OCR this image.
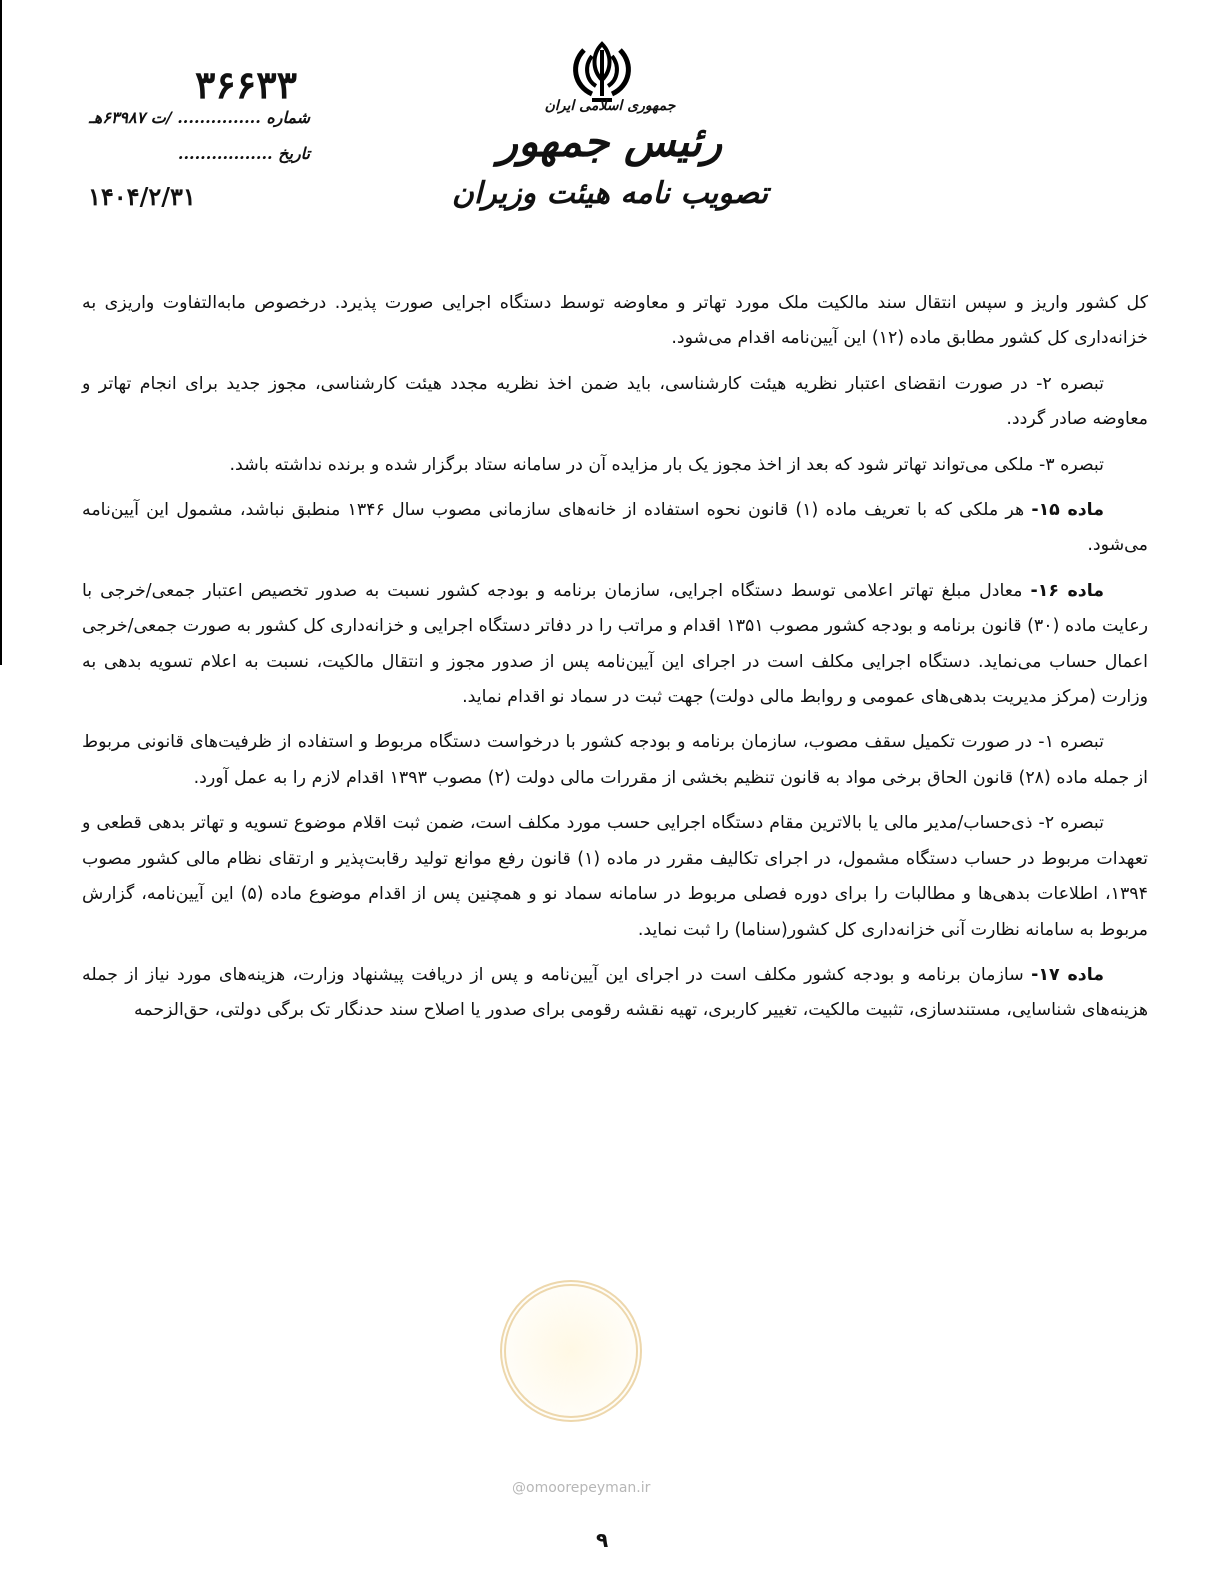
جمهوری اسلامی ایران
رئیس جمهور
تصویب نامه هیئت وزیران
۳۶۶۳۳
شماره ............... /ت ۶۳۹۸۷هـ
تاریخ .................
۱۴۰۴/۲/۳۱

کل کشور واریز و سپس انتقال سند مالکیت ملک مورد تهاتر و معاوضه توسط دستگاه اجرایی صورت پذیرد. درخصوص مابه‌التفاوت واریزی به خزانه‌داری کل کشور مطابق ماده (۱۲) این آیین‌نامه اقدام می‌شود.

تبصره ۲- در صورت انقضای اعتبار نظریه هیئت کارشناسی، باید ضمن اخذ نظریه مجدد هیئت کارشناسی، مجوز جدید برای انجام تهاتر و معاوضه صادر گردد.

تبصره ۳- ملکی می‌تواند تهاتر شود که بعد از اخذ مجوز یک بار مزایده آن در سامانه ستاد برگزار شده و برنده نداشته باشد.

ماده ۱۵- هر ملکی که با تعریف ماده (۱) قانون نحوه استفاده از خانه‌های سازمانی مصوب سال ۱۳۴۶ منطبق نباشد، مشمول این آیین‌نامه می‌شود.

ماده ۱۶- معادل مبلغ تهاتر اعلامی توسط دستگاه اجرایی، سازمان برنامه و بودجه کشور نسبت به صدور تخصیص اعتبار جمعی/خرجی با رعایت ماده (۳۰) قانون برنامه و بودجه کشور مصوب ۱۳۵۱ اقدام و مراتب را در دفاتر دستگاه اجرایی و خزانه‌داری کل کشور به صورت جمعی/خرجی اعمال حساب می‌نماید. دستگاه اجرایی مکلف است در اجرای این آیین‌نامه پس از صدور مجوز و انتقال مالکیت، نسبت به اعلام تسویه بدهی به وزارت (مرکز مدیریت بدهی‌های عمومی و روابط مالی دولت) جهت ثبت در سماد نو اقدام نماید.

تبصره ۱- در صورت تکمیل سقف مصوب، سازمان برنامه و بودجه کشور با درخواست دستگاه مربوط و استفاده از ظرفیت‌های قانونی مربوط از جمله ماده (۲۸) قانون الحاق برخی مواد به قانون تنظیم بخشی از مقررات مالی دولت (۲) مصوب ۱۳۹۳ اقدام لازم را به عمل آورد.

تبصره ۲- ذی‌حساب/مدیر مالی یا بالاترین مقام دستگاه اجرایی حسب مورد مکلف است، ضمن ثبت اقلام موضوع تسویه و تهاتر بدهی قطعی و تعهدات مربوط در حساب دستگاه مشمول، در اجرای تکالیف مقرر در ماده (۱) قانون رفع موانع تولید رقابت‌پذیر و ارتقای نظام مالی کشور مصوب ۱۳۹۴، اطلاعات بدهی‌ها و مطالبات را برای دوره فصلی مربوط در سامانه سماد نو و همچنین پس از اقدام موضوع ماده (۵) این آیین‌نامه، گزارش مربوط به سامانه نظارت آنی خزانه‌داری کل کشور(سناما) را ثبت نماید.

ماده ۱۷- سازمان برنامه و بودجه کشور مکلف است در اجرای این آیین‌نامه و پس از دریافت پیشنهاد وزارت، هزینه‌های مورد نیاز از جمله هزینه‌های شناسایی، مستندسازی، تثبیت مالکیت، تغییر کاربری، تهیه نقشه رقومی برای صدور یا اصلاح سند حدنگار تک برگی دولتی، حق‌الزحمه

@omoorepeyman.ir
۹
